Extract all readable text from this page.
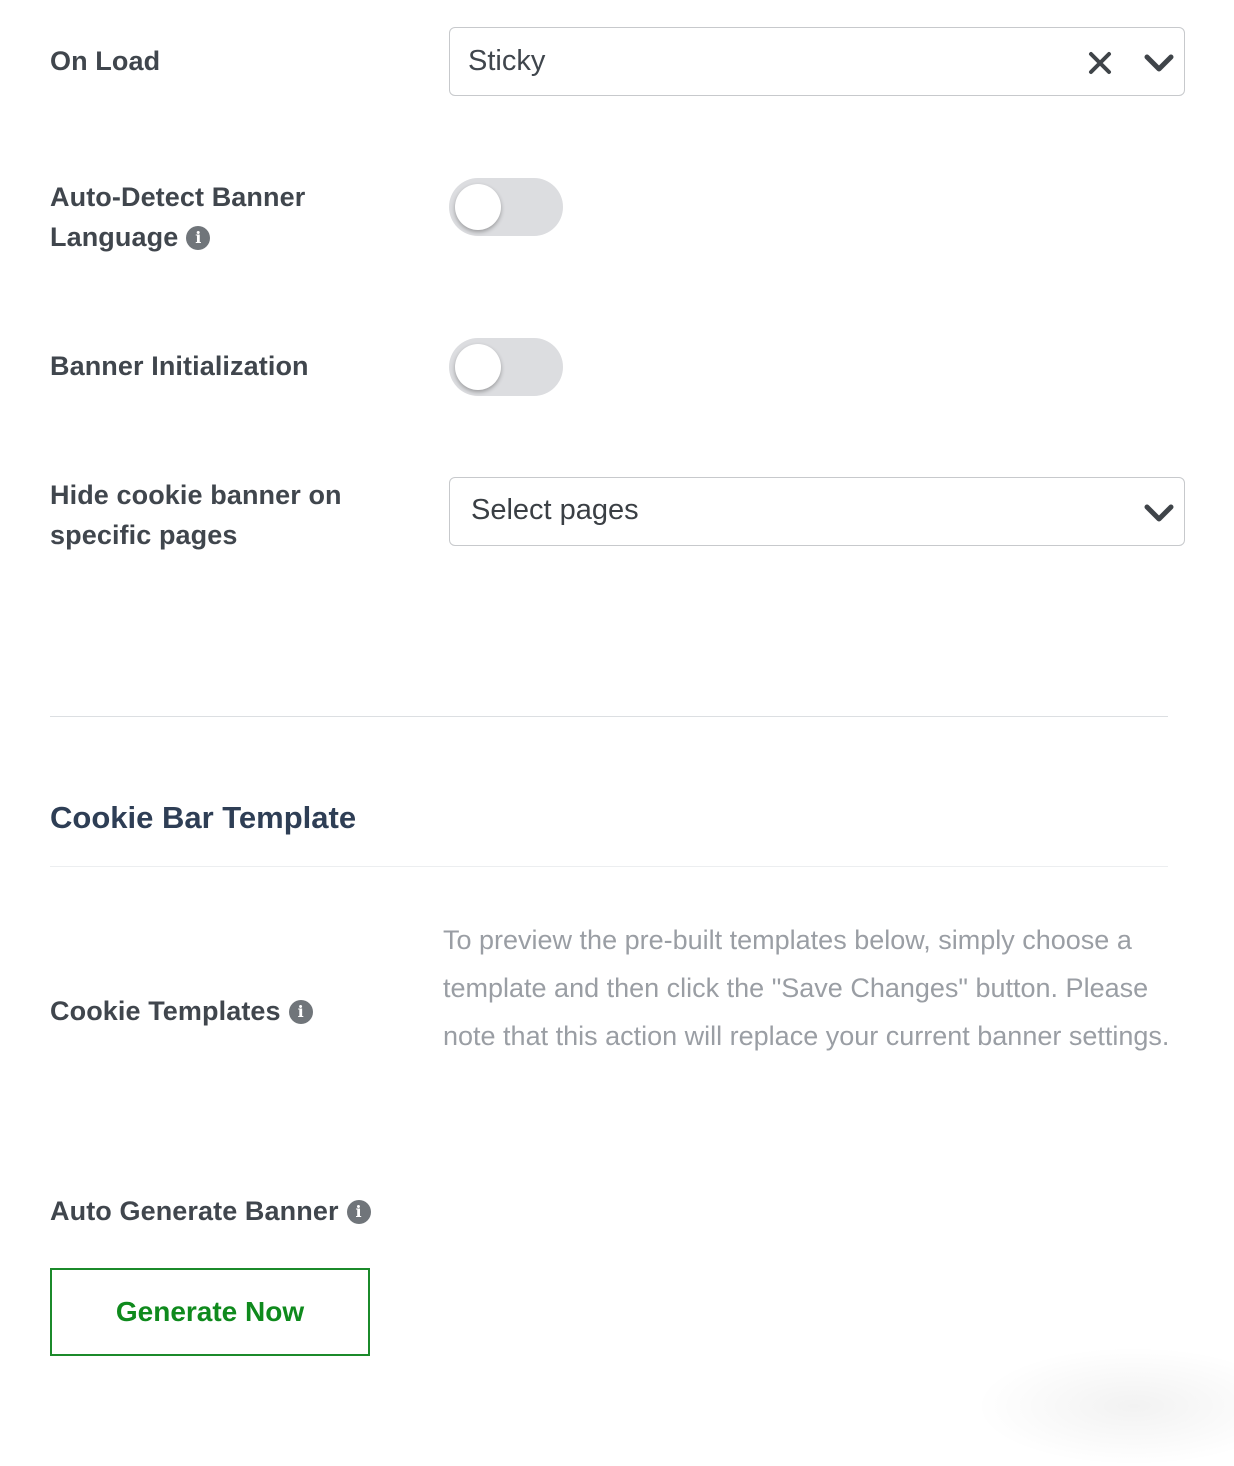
On Load	Sticky
Auto-Detect Banner
Language i
Banner Initialization
Hide cookie banner on
specific pages
Select pages
Cookie Bar Template
Cookie Templates i
To preview the pre-built templates below, simply choose a template and then click the "Save Changes" button. Please note that this action will replace your current banner settings.
Auto Generate Banner i
Generate Now
